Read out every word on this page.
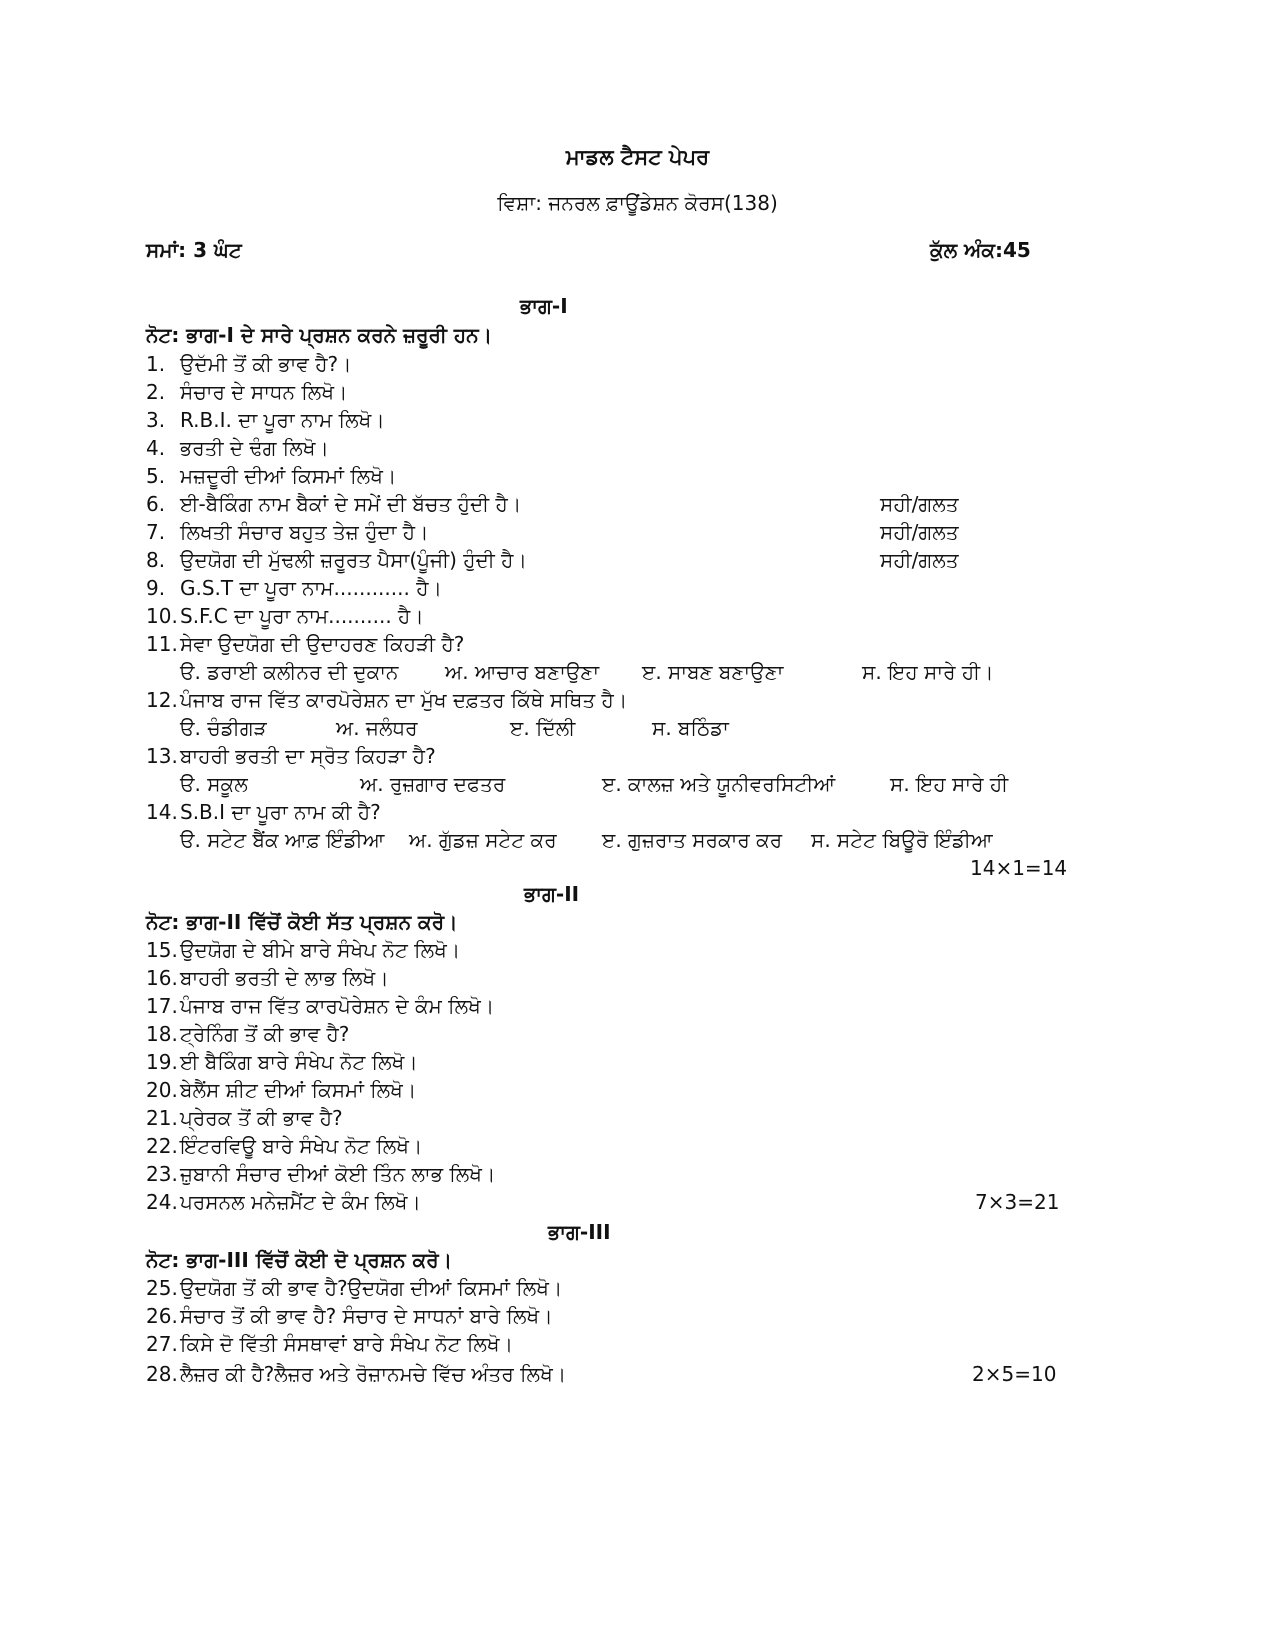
ਮਾਡਲ ਟੈਸਟ ਪੇਪਰ
ਵਿਸ਼ਾ: ਜਨਰਲ ਫ਼ਾਊਂਡੇਸ਼ਨ ਕੋਰਸ(138)
ਸਮਾਂ: 3 ਘੰਟ	ਕੁੱਲ ਅੰਕ:45
ਭਾਗ-I
ਨੋਟ: ਭਾਗ-I ਦੇ ਸਾਰੇ ਪ੍ਰਸ਼ਨ ਕਰਨੇ ਜ਼ਰੂਰੀ ਹਨ।
1. ਉਦੱਮੀ ਤੋਂ ਕੀ ਭਾਵ ਹੈ?।
2. ਸੰਚਾਰ ਦੇ ਸਾਧਨ ਲਿਖੋ।
3. R.B.I. ਦਾ ਪੂਰਾ ਨਾਮ ਲਿਖੋ।
4. ਭਰਤੀ ਦੇ ਢੰਗ ਲਿਖੋ।
5. ਮਜ਼ਦੂਰੀ ਦੀਆਂ ਕਿਸਮਾਂ ਲਿਖੋ।
6. ਈ-ਬੈਕਿੰਗ ਨਾਮ ਬੈਕਾਂ ਦੇ ਸਮੇਂ ਦੀ ਬੱਚਤ ਹੁੰਦੀ ਹੈ।	ਸਹੀ/ਗਲਤ
7. ਲਿਖਤੀ ਸੰਚਾਰ ਬਹੁਤ ਤੇਜ਼ ਹੁੰਦਾ ਹੈ।	ਸਹੀ/ਗਲਤ
8. ਉਦਯੋਗ ਦੀ ਮੁੱਢਲੀ ਜ਼ਰੂਰਤ ਪੈਸਾ(ਪੂੰਜੀ) ਹੁੰਦੀ ਹੈ।	ਸਹੀ/ਗਲਤ
9. G.S.T ਦਾ ਪੂਰਾ ਨਾਮ............ ਹੈ।
10. S.F.C ਦਾ ਪੂਰਾ ਨਾਮ.......... ਹੈ।
11. ਸੇਵਾ ਉਦਯੋਗ ਦੀ ਉਦਾਹਰਣ ਕਿਹੜੀ ਹੈ?
ੳ. ਡਰਾਈ ਕਲੀਨਰ ਦੀ ਦੁਕਾਨ ਅ. ਆਚਾਰ ਬਣਾਉਣਾ ੲ. ਸਾਬਣ ਬਣਾਉਣਾ	ਸ. ਇਹ ਸਾਰੇ ਹੀ।
12. ਪੰਜਾਬ ਰਾਜ ਵਿੱਤ ਕਾਰਪੋਰੇਸ਼ਨ ਦਾ ਮੁੱਖ ਦਫ਼ਤਰ ਕਿੱਥੇ ਸਥਿਤ ਹੈ।
ੳ. ਚੰਡੀਗੜ	ਅ. ਜਲੰਧਰ	ੲ. ਦਿੱਲੀ	ਸ. ਬਠਿੰਡਾ
13. ਬਾਹਰੀ ਭਰਤੀ ਦਾ ਸ੍ਰੋਤ ਕਿਹੜਾ ਹੈ?
ੳ. ਸਕੂਲ	ਅ. ਰੁਜ਼ਗਾਰ ਦਫਤਰ	ੲ. ਕਾਲਜ਼ ਅਤੇ ਯੂਨੀਵਰਸਿਟੀਆਂ	ਸ. ਇਹ ਸਾਰੇ ਹੀ
14. S.B.I ਦਾ ਪੂਰਾ ਨਾਮ ਕੀ ਹੈ?
ੳ. ਸਟੇਟ ਬੈਂਕ ਆਫ਼ ਇੰਡੀਆ ਅ. ਗੁੱਡਜ਼ ਸਟੇਟ ਕਰ ੲ. ਗੁਜ਼ਰਾਤ ਸਰਕਾਰ ਕਰ ਸ. ਸਟੇਟ ਬਿਊਰੋ ਇੰਡੀਆ
14×1=14
ਭਾਗ-II
ਨੋਟ: ਭਾਗ-II ਵਿੱਚੋਂ ਕੋਈ ਸੱਤ ਪ੍ਰਸ਼ਨ ਕਰੋ।
15. ਉਦਯੋਗ ਦੇ ਬੀਮੇ ਬਾਰੇ ਸੰਖੇਪ ਨੋਟ ਲਿਖੋ।
16. ਬਾਹਰੀ ਭਰਤੀ ਦੇ ਲਾਭ ਲਿਖੋ।
17. ਪੰਜਾਬ ਰਾਜ ਵਿੱਤ ਕਾਰਪੋਰੇਸ਼ਨ ਦੇ ਕੰਮ ਲਿਖੋ।
18. ਟ੍ਰੇਨਿੰਗ ਤੋਂ ਕੀ ਭਾਵ ਹੈ?
19. ਈ ਬੈਕਿੰਗ ਬਾਰੇ ਸੰਖੇਪ ਨੋਟ ਲਿਖੋ।
20. ਬੇਲੈਂਸ ਸ਼ੀਟ ਦੀਆਂ ਕਿਸਮਾਂ ਲਿਖੋ।
21. ਪ੍ਰੇਰਕ ਤੋਂ ਕੀ ਭਾਵ ਹੈ?
22. ਇੰਟਰਵਿਊ ਬਾਰੇ ਸੰਖੇਪ ਨੋਟ ਲਿਖੋ।
23. ਜ਼ੁਬਾਨੀ ਸੰਚਾਰ ਦੀਆਂ ਕੋਈ ਤਿੰਨ ਲਾਭ ਲਿਖੋ।
24. ਪਰਸਨਲ ਮਨੇਜ਼ਮੈਂਟ ਦੇ ਕੰਮ ਲਿਖੋ।	7×3=21
ਭਾਗ-III
ਨੋਟ: ਭਾਗ-III ਵਿੱਚੋਂ ਕੋਈ ਦੋ ਪ੍ਰਸ਼ਨ ਕਰੋ।
25. ਉਦਯੋਗ ਤੋਂ ਕੀ ਭਾਵ ਹੈ?ਉਦਯੋਗ ਦੀਆਂ ਕਿਸਮਾਂ ਲਿਖੋ।
26. ਸੰਚਾਰ ਤੋਂ ਕੀ ਭਾਵ ਹੈ? ਸੰਚਾਰ ਦੇ ਸਾਧਨਾਂ ਬਾਰੇ ਲਿਖੋ।
27. ਕਿਸੇ ਦੋ ਵਿੱਤੀ ਸੰਸਥਾਵਾਂ ਬਾਰੇ ਸੰਖੇਪ ਨੋਟ ਲਿਖੋ।
28. ਲੈਜ਼ਰ ਕੀ ਹੈ?ਲੈਜ਼ਰ ਅਤੇ ਰੋਜ਼ਾਨਮਚੇ ਵਿੱਚ ਅੰਤਰ ਲਿਖੋ।	2×5=10
